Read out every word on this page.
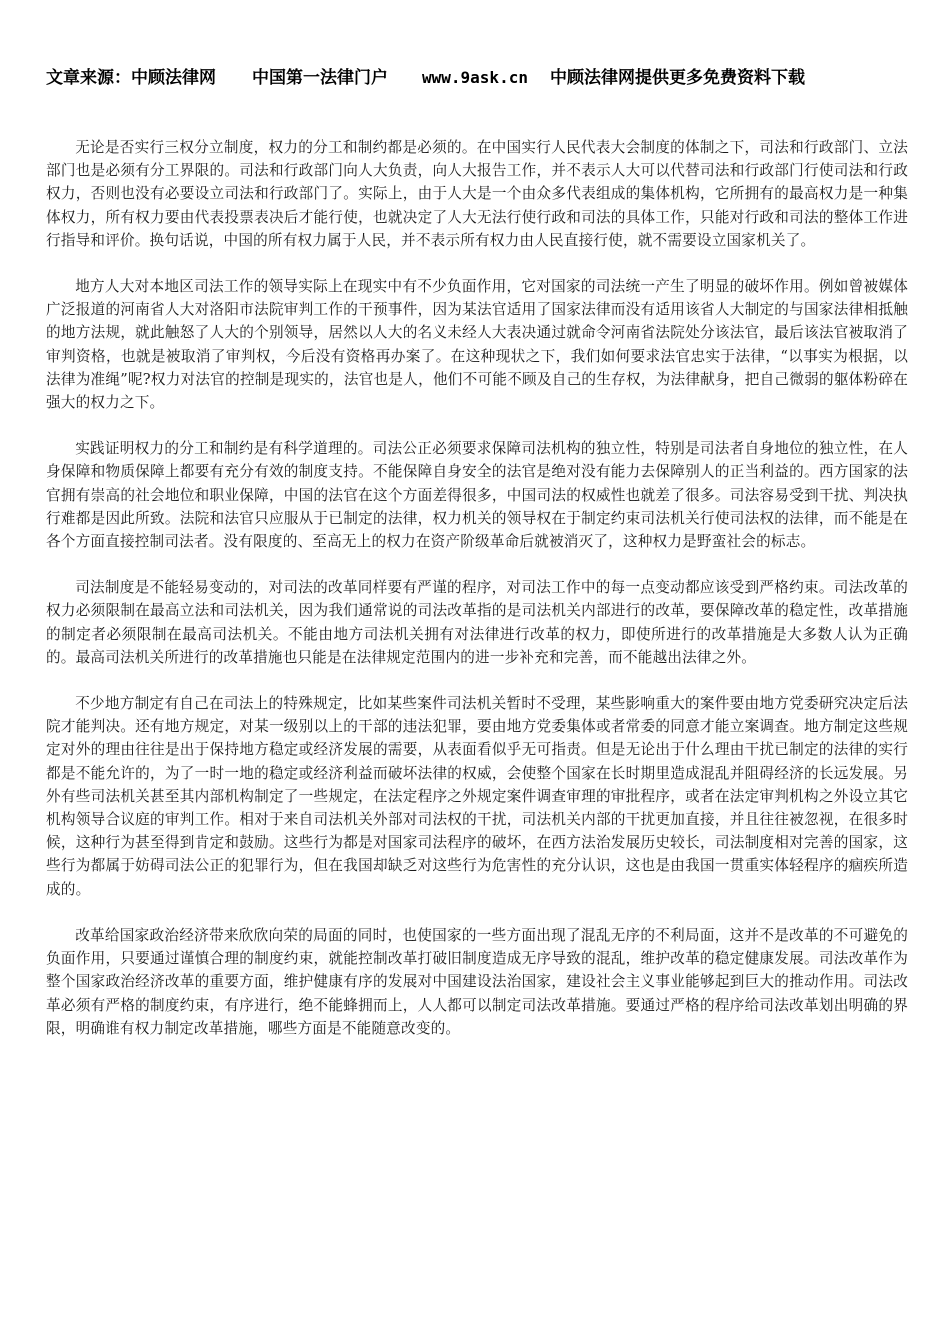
文章来源：中顾法律网 中国第一法律门户 www.9ask.cn 中顾法律网提供更多免费资料下载

无论是否实行三权分立制度，权力的分工和制约都是必须的。在中国实行人民代表大会制度的体制之下，司法和行政部门、立法部门也是必须有分工界限的。司法和行政部门向人大负责，向人大报告工作，并不表示人大可以代替司法和行政部门行使司法和行政权力，否则也没有必要设立司法和行政部门了。实际上，由于人大是一个由众多代表组成的集体机构，它所拥有的最高权力是一种集体权力，所有权力要由代表投票表决后才能行使，也就决定了人大无法行使行政和司法的具体工作，只能对行政和司法的整体工作进行指导和评价。换句话说，中国的所有权力属于人民，并不表示所有权力由人民直接行使，就不需要设立国家机关了。

地方人大对本地区司法工作的领导实际上在现实中有不少负面作用，它对国家的司法统一产生了明显的破坏作用。例如曾被媒体广泛报道的河南省人大对洛阳市法院审判工作的干预事件，因为某法官适用了国家法律而没有适用该省人大制定的与国家法律相抵触的地方法规，就此触怒了人大的个别领导，居然以人大的名义未经人大表决通过就命令河南省法院处分该法官，最后该法官被取消了审判资格，也就是被取消了审判权，今后没有资格再办案了。在这种现状之下，我们如何要求法官忠实于法律，“以事实为根据，以法律为准绳”呢?权力对法官的控制是现实的，法官也是人，他们不可能不顾及自己的生存权，为法律献身，把自己微弱的躯体粉碎在强大的权力之下。

实践证明权力的分工和制约是有科学道理的。司法公正必须要求保障司法机构的独立性，特别是司法者自身地位的独立性，在人身保障和物质保障上都要有充分有效的制度支持。不能保障自身安全的法官是绝对没有能力去保障别人的正当利益的。西方国家的法官拥有崇高的社会地位和职业保障，中国的法官在这个方面差得很多，中国司法的权威性也就差了很多。司法容易受到干扰、判决执行难都是因此所致。法院和法官只应服从于已制定的法律，权力机关的领导权在于制定约束司法机关行使司法权的法律，而不能是在各个方面直接控制司法者。没有限度的、至高无上的权力在资产阶级革命后就被消灭了，这种权力是野蛮社会的标志。

司法制度是不能轻易变动的，对司法的改革同样要有严谨的程序，对司法工作中的每一点变动都应该受到严格约束。司法改革的权力必须限制在最高立法和司法机关，因为我们通常说的司法改革指的是司法机关内部进行的改革，要保障改革的稳定性，改革措施的制定者必须限制在最高司法机关。不能由地方司法机关拥有对法律进行改革的权力，即使所进行的改革措施是大多数人认为正确的。最高司法机关所进行的改革措施也只能是在法律规定范围内的进一步补充和完善，而不能越出法律之外。

不少地方制定有自己在司法上的特殊规定，比如某些案件司法机关暂时不受理，某些影响重大的案件要由地方党委研究决定后法院才能判决。还有地方规定，对某一级别以上的干部的违法犯罪，要由地方党委集体或者常委的同意才能立案调查。地方制定这些规定对外的理由往往是出于保持地方稳定或经济发展的需要，从表面看似乎无可指责。但是无论出于什么理由干扰已制定的法律的实行都是不能允许的，为了一时一地的稳定或经济利益而破坏法律的权威，会使整个国家在长时期里造成混乱并阻碍经济的长远发展。另外有些司法机关甚至其内部机构制定了一些规定，在法定程序之外规定案件调查审理的审批程序，或者在法定审判机构之外设立其它机构领导合议庭的审判工作。相对于来自司法机关外部对司法权的干扰，司法机关内部的干扰更加直接，并且往往被忽视，在很多时候，这种行为甚至得到肯定和鼓励。这些行为都是对国家司法程序的破坏，在西方法治发展历史较长，司法制度相对完善的国家，这些行为都属于妨碍司法公正的犯罪行为，但在我国却缺乏对这些行为危害性的充分认识，这也是由我国一贯重实体轻程序的痼疾所造成的。

改革给国家政治经济带来欣欣向荣的局面的同时，也使国家的一些方面出现了混乱无序的不利局面，这并不是改革的不可避免的负面作用，只要通过谨慎合理的制度约束，就能控制改革打破旧制度造成无序导致的混乱，维护改革的稳定健康发展。司法改革作为整个国家政治经济改革的重要方面，维护健康有序的发展对中国建设法治国家，建设社会主义事业能够起到巨大的推动作用。司法改革必须有严格的制度约束，有序进行，绝不能蜂拥而上，人人都可以制定司法改革措施。要通过严格的程序给司法改革划出明确的界限，明确谁有权力制定改革措施，哪些方面是不能随意改变的。
